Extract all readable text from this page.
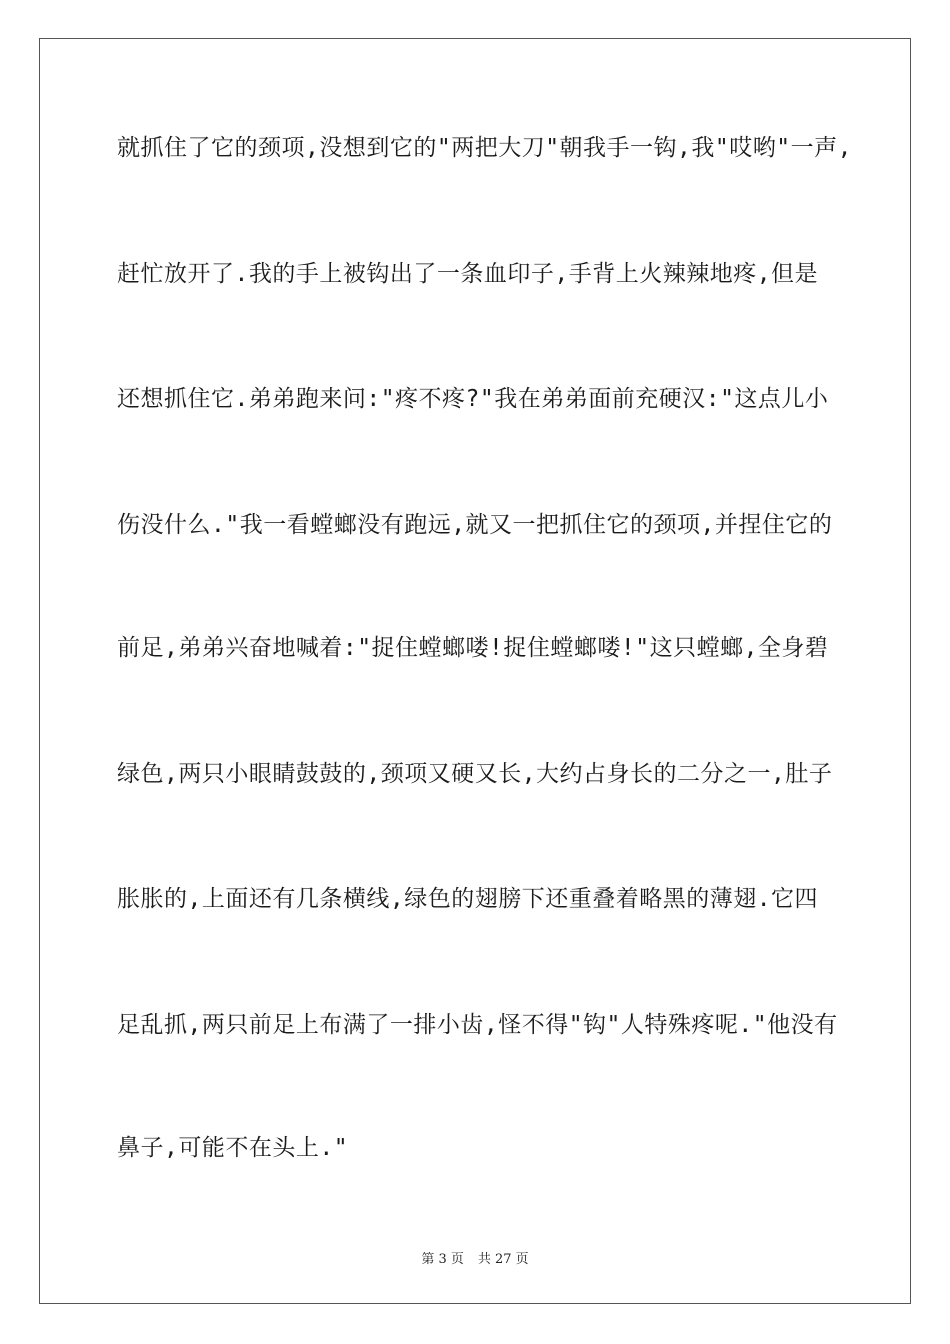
就抓住了它的颈项,没想到它的"两把大刀"朝我手一钩,我"哎哟"一声,
赶忙放开了.我的手上被钩出了一条血印子,手背上火辣辣地疼,但是
还想抓住它.弟弟跑来问:"疼不疼?"我在弟弟面前充硬汉:"这点儿小
伤没什么."我一看螳螂没有跑远,就又一把抓住它的颈项,并捏住它的
前足,弟弟兴奋地喊着:"捉住螳螂喽!捉住螳螂喽!"这只螳螂,全身碧
绿色,两只小眼睛鼓鼓的,颈项又硬又长,大约占身长的二分之一,肚子
胀胀的,上面还有几条横线,绿色的翅膀下还重叠着略黑的薄翅.它四
足乱抓,两只前足上布满了一排小齿,怪不得"钩"人特殊疼呢."他没有
鼻子,可能不在头上."
第 3 页 共 27 页
